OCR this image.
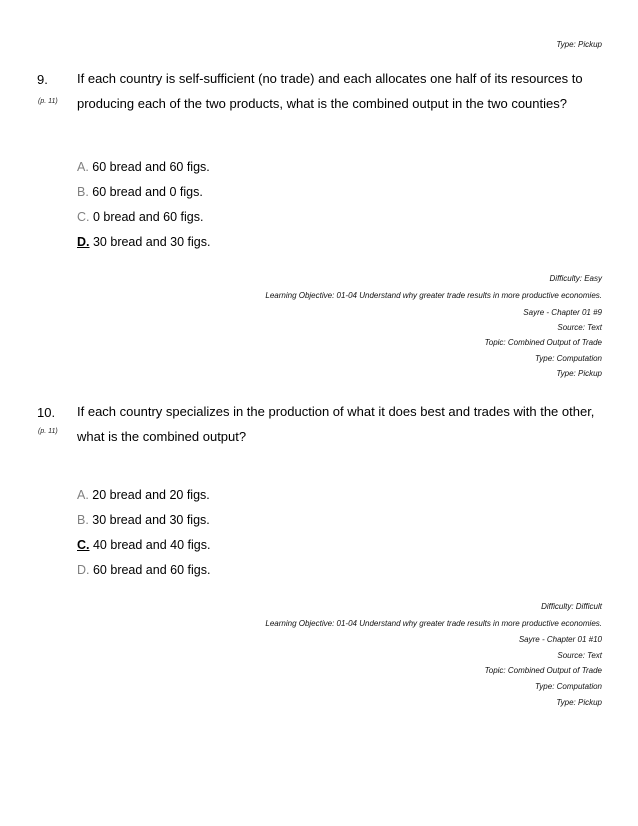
Type: Pickup
9.
(p. 11)
If each country is self-sufficient (no trade) and each allocates one half of its resources to producing each of the two products, what is the combined output in the two counties?
A. 60 bread and 60 figs.
B. 60 bread and 0 figs.
C. 0 bread and 60 figs.
D. 30 bread and 30 figs.
Difficulty: Easy
Learning Objective: 01-04 Understand why greater trade results in more productive economies.
Sayre - Chapter 01 #9
Source: Text
Topic: Combined Output of Trade
Type: Computation
Type: Pickup
10.
(p. 11)
If each country specializes in the production of what it does best and trades with the other, what is the combined output?
A. 20 bread and 20 figs.
B. 30 bread and 30 figs.
C. 40 bread and 40 figs.
D. 60 bread and 60 figs.
Difficulty: Difficult
Learning Objective: 01-04 Understand why greater trade results in more productive economies.
Sayre - Chapter 01 #10
Source: Text
Topic: Combined Output of Trade
Type: Computation
Type: Pickup
